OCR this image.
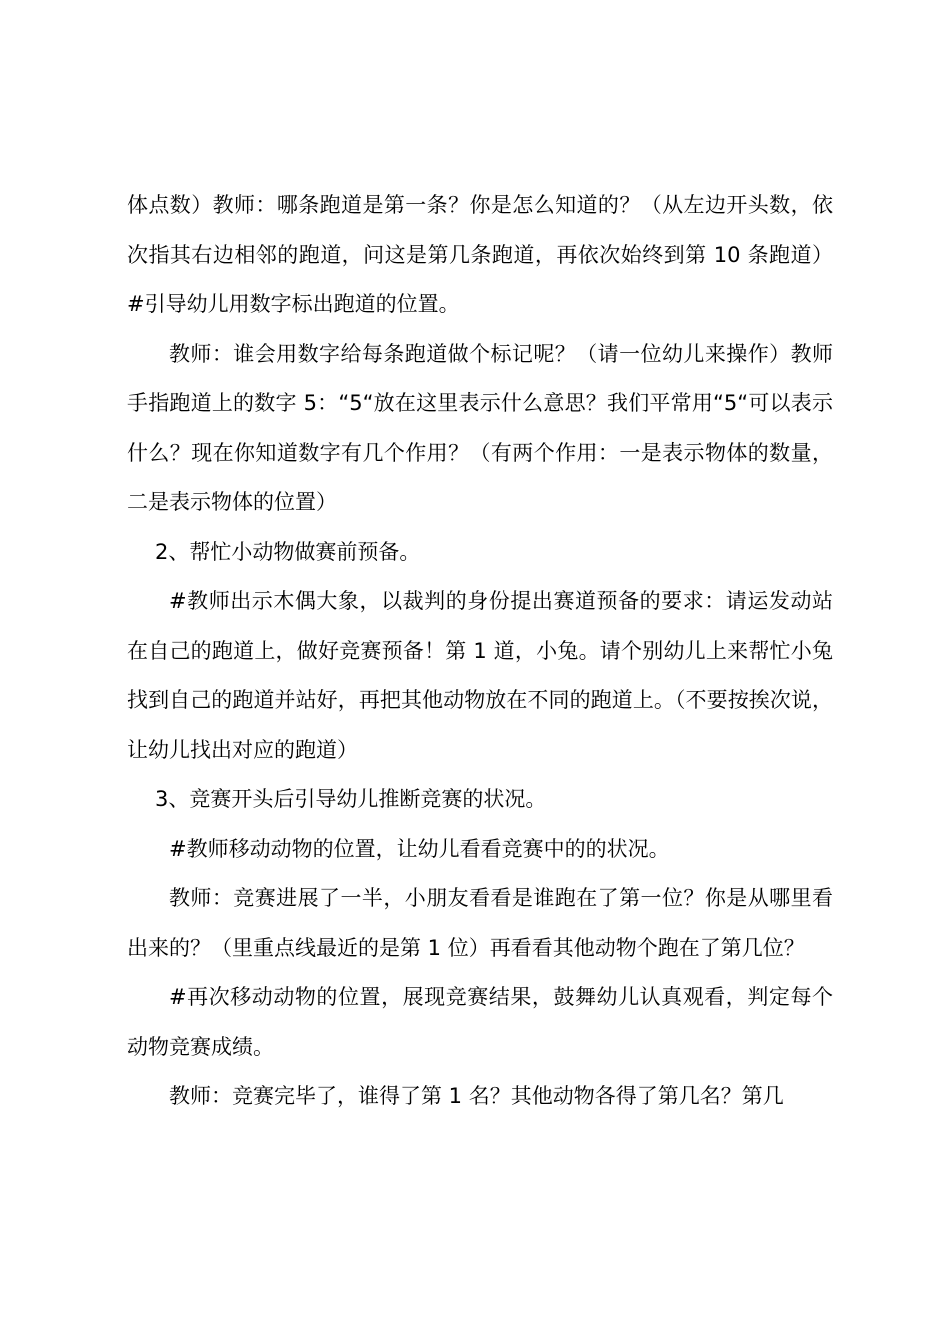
体点数）教师：哪条跑道是第一条？你是怎么知道的？（从左边开头数，依次指其右边相邻的跑道，问这是第几条跑道，再依次始终到第 10 条跑道）#引导幼儿用数字标出跑道的位置。

教师：谁会用数字给每条跑道做个标记呢？（请一位幼儿来操作）教师手指跑道上的数字 5：“5“放在这里表示什么意思？我们平常用“5“可以表示什么？现在你知道数字有几个作用？（有两个作用：一是表示物体的数量，二是表示物体的位置）

2、帮忙小动物做赛前预备。

#教师出示木偶大象，以裁判的身份提出赛道预备的要求：请运发动站在自己的跑道上，做好竞赛预备！第 1 道，小兔。请个别幼儿上来帮忙小兔找到自己的跑道并站好，再把其他动物放在不同的跑道上。（不要按挨次说，让幼儿找出对应的跑道）

3、竞赛开头后引导幼儿推断竞赛的状况。

#教师移动动物的位置，让幼儿看看竞赛中的的状况。

教师：竞赛进展了一半，小朋友看看是谁跑在了第一位？你是从哪里看出来的？（里重点线最近的是第 1 位）再看看其他动物个跑在了第几位？

#再次移动动物的位置，展现竞赛结果，鼓舞幼儿认真观看，判定每个动物竞赛成绩。

教师：竞赛完毕了，谁得了第 1 名？其他动物各得了第几名？第几
